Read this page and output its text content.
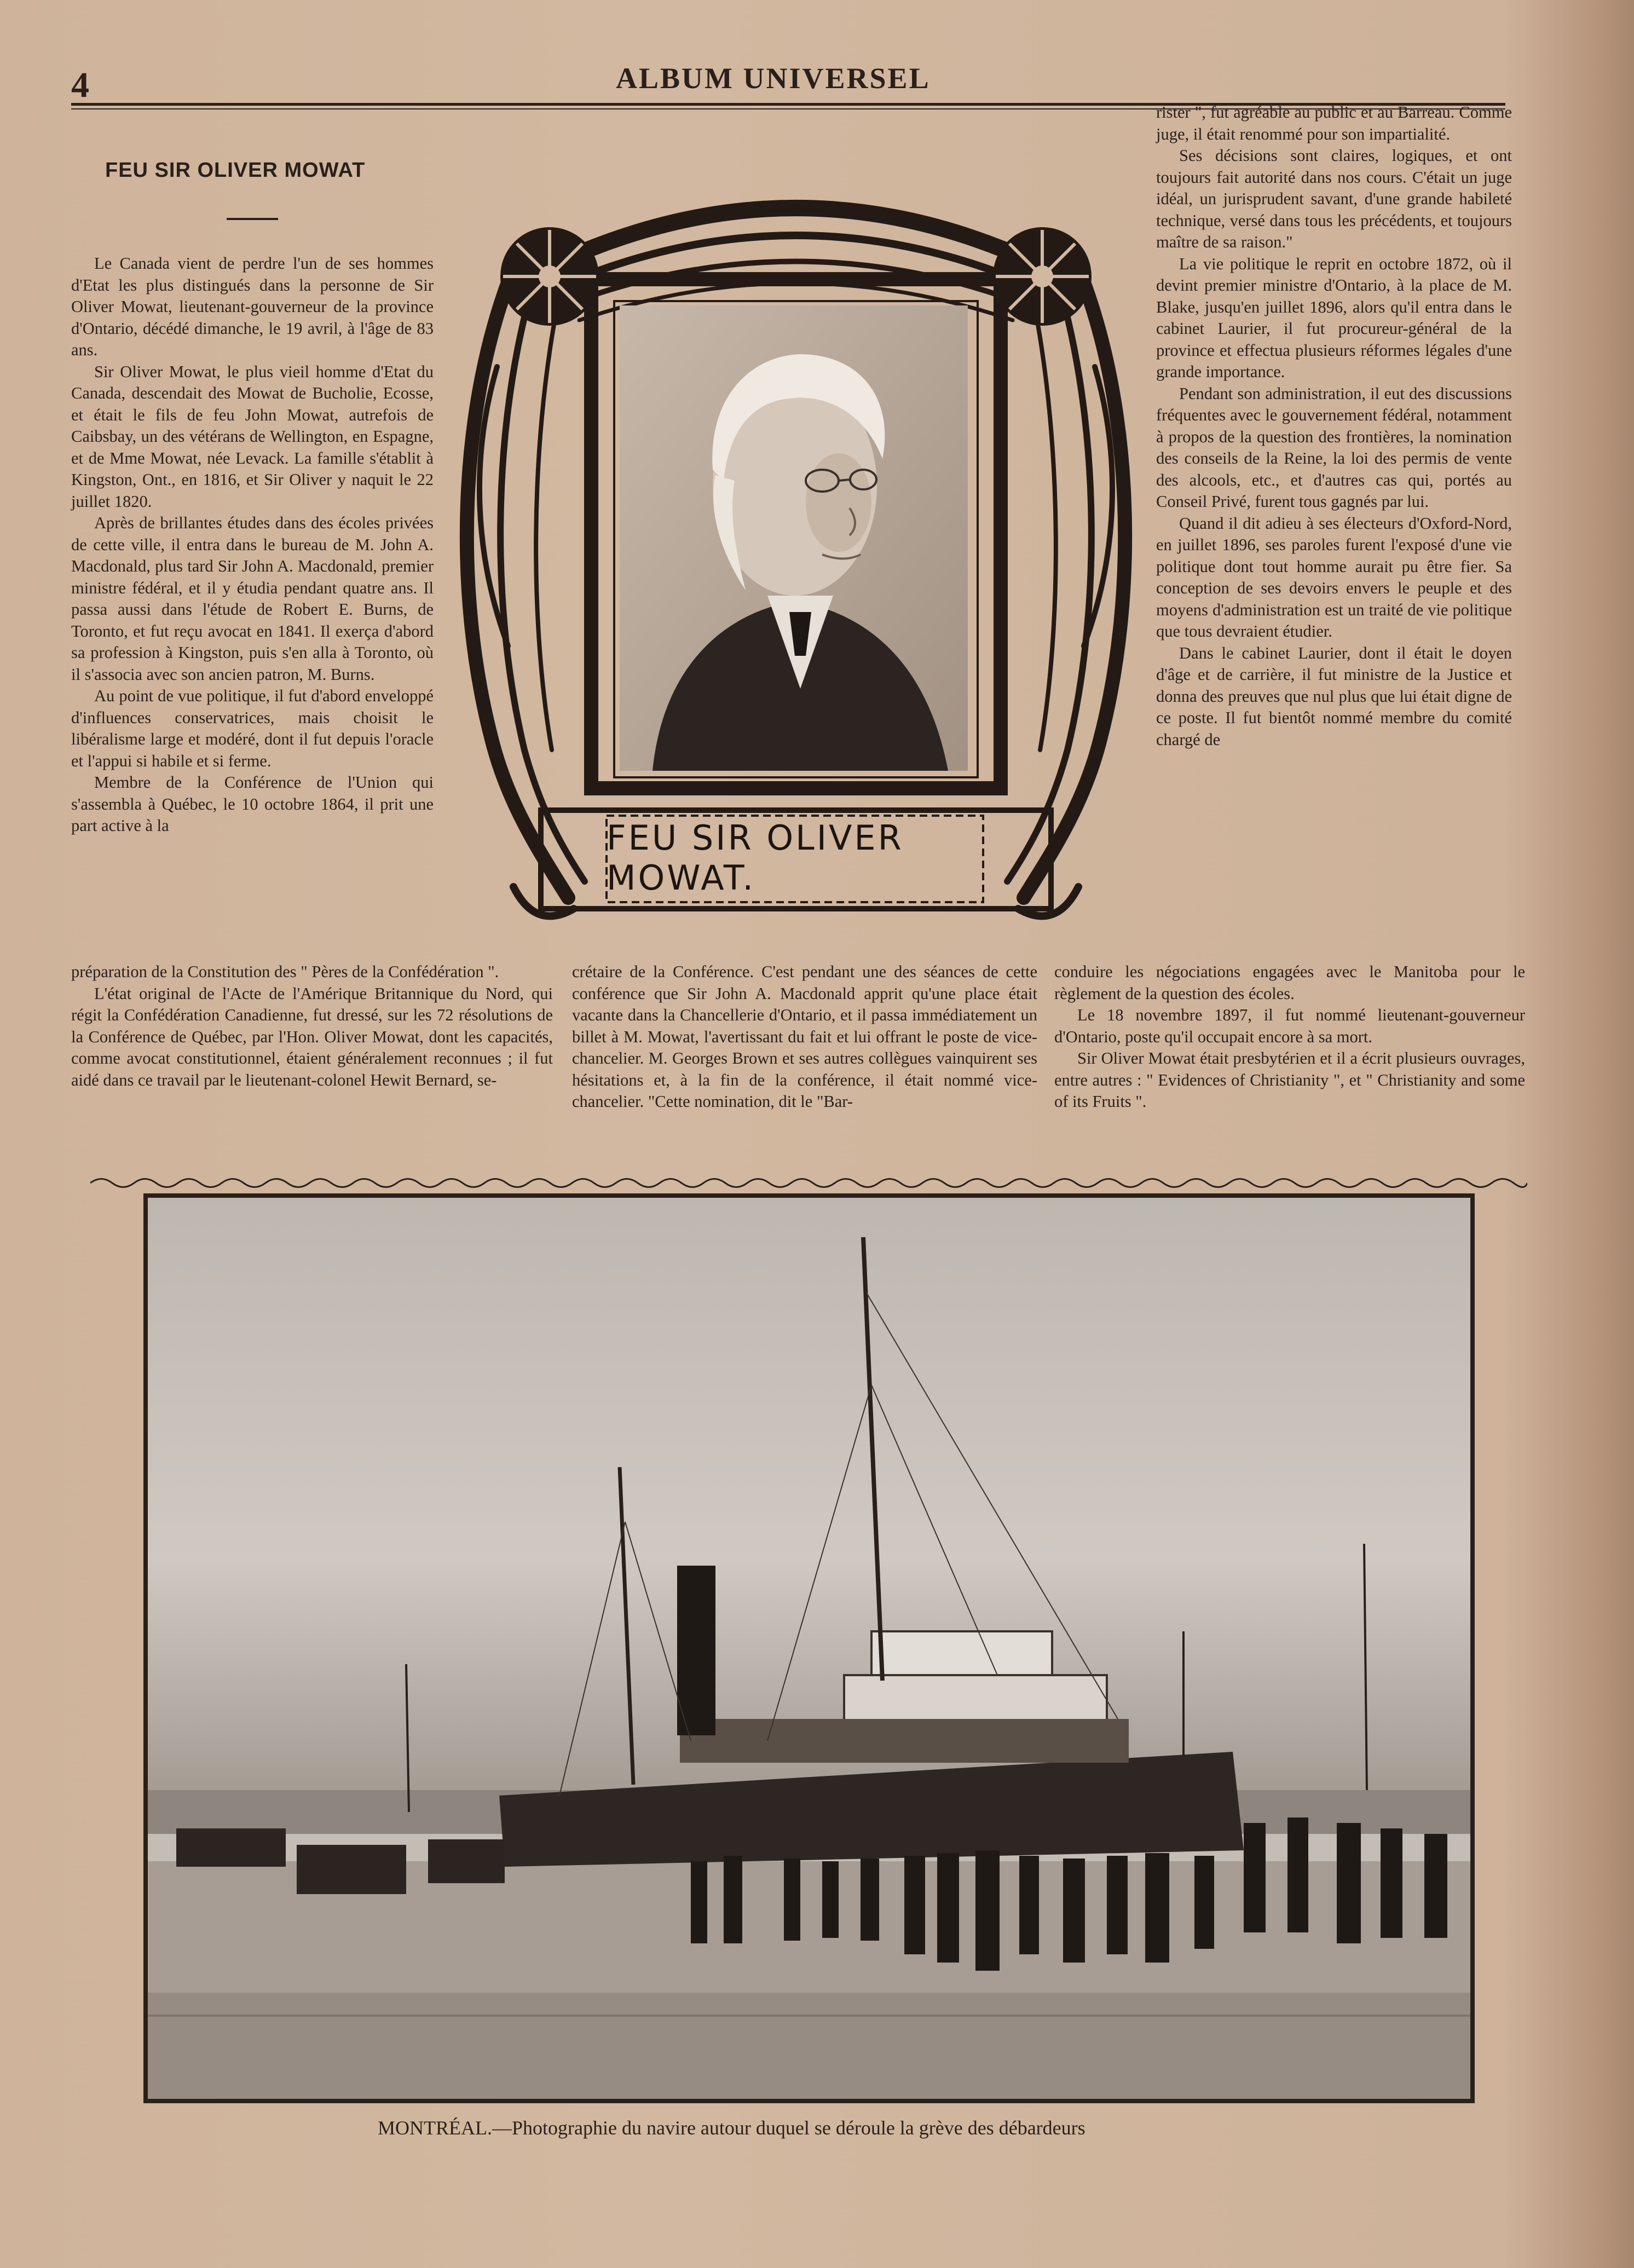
4	ALBUM UNIVERSEL
FEU SIR OLIVER MOWAT

Le Canada vient de perdre l'un de ses hommes d'Etat les plus distingués dans la personne de Sir Oliver Mowat, lieutenant-gouverneur de la province d'Ontario, décédé dimanche, le 19 avril, à l'âge de 83 ans.

Sir Oliver Mowat, le plus vieil homme d'Etat du Canada, descendait des Mowat de Bucholie, Ecosse, et était le fils de feu John Mowat, autrefois de Caibsbay, un des vétérans de Wellington, en Espagne, et de Mme Mowat, née Levack. La famille s'établit à Kingston, Ont., en 1816, et Sir Oliver y naquit le 22 juillet 1820.

Après de brillantes études dans des écoles privées de cette ville, il entra dans le bureau de M. John A. Macdonald, plus tard Sir John A. Macdonald, premier ministre fédéral, et il y étudia pendant quatre ans. Il passa aussi dans l'étude de Robert E. Burns, de Toronto, et fut reçu avocat en 1841. Il exerça d'abord sa profession à Kingston, puis s'en alla à Toronto, où il s'associa avec son ancien patron, M. Burns.

Au point de vue politique, il fut d'abord enveloppé d'influences conservatrices, mais choisit le libéralisme large et modéré, dont il fut depuis l'oracle et l'appui si habile et si ferme.

Membre de la Conférence de l'Union qui s'assembla à Québec, le 10 octobre 1864, il prit une part active à la	FEU SIR OLIVER MOWAT.

rister ", fut agréable au public et au Barreau. Comme juge, il était renommé pour son impartialité.

Ses décisions sont claires, logiques, et ont toujours fait autorité dans nos cours. C'était un juge idéal, un jurisprudent savant, d'une grande habileté technique, versé dans tous les précédents, et toujours maître de sa raison."

La vie politique le reprit en octobre 1872, où il devint premier ministre d'Ontario, à la place de M. Blake, jusqu'en juillet 1896, alors qu'il entra dans le cabinet Laurier, il fut procureur-général de la province et effectua plusieurs réformes légales d'une grande importance.

Pendant son administration, il eut des discussions fréquentes avec le gouvernement fédéral, notamment à propos de la question des frontières, la nomination des conseils de la Reine, la loi des permis de vente des alcools, etc., et d'autres cas qui, portés au Conseil Privé, furent tous gagnés par lui.

Quand il dit adieu à ses électeurs d'Oxford-Nord, en juillet 1896, ses paroles furent l'exposé d'une vie politique dont tout homme aurait pu être fier. Sa conception de ses devoirs envers le peuple et des moyens d'administration est un traité de vie politique que tous devraient étudier.

Dans le cabinet Laurier, dont il était le doyen d'âge et de carrière, il fut ministre de la Justice et donna des preuves que nul plus que lui était digne de ce poste. Il fut bientôt nommé membre du comité chargé de

préparation de la Constitution des " Pères de la Confédération ".

L'état original de l'Acte de l'Amérique Britannique du Nord, qui régit la Confédération Canadienne, fut dressé, sur les 72 résolutions de la Conférence de Québec, par l'Hon. Oliver Mowat, dont les capacités, comme avocat constitutionnel, étaient généralement reconnues ; il fut aidé dans ce travail par le lieutenant-colonel Hewit Bernard, se-

crétaire de la Conférence. C'est pendant une des séances de cette conférence que Sir John A. Macdonald apprit qu'une place était vacante dans la Chancellerie d'Ontario, et il passa immédiatement un billet à M. Mowat, l'avertissant du fait et lui offrant le poste de vice-chancelier. M. Georges Brown et ses autres collègues vainquirent ses hésitations et, à la fin de la conférence, il était nommé vice-chancelier. "Cette nomination, dit le "Bar-

conduire les négociations engagées avec le Manitoba pour le règlement de la question des écoles.

Le 18 novembre 1897, il fut nommé lieutenant-gouverneur d'Ontario, poste qu'il occupait encore à sa mort.

Sir Oliver Mowat était presbytérien et il a écrit plusieurs ouvrages, entre autres : " Evidences of Christianity ", et " Christianity and some of its Fruits ".

MONTRÉAL.—Photographie du navire autour duquel se déroule la grève des débardeurs
